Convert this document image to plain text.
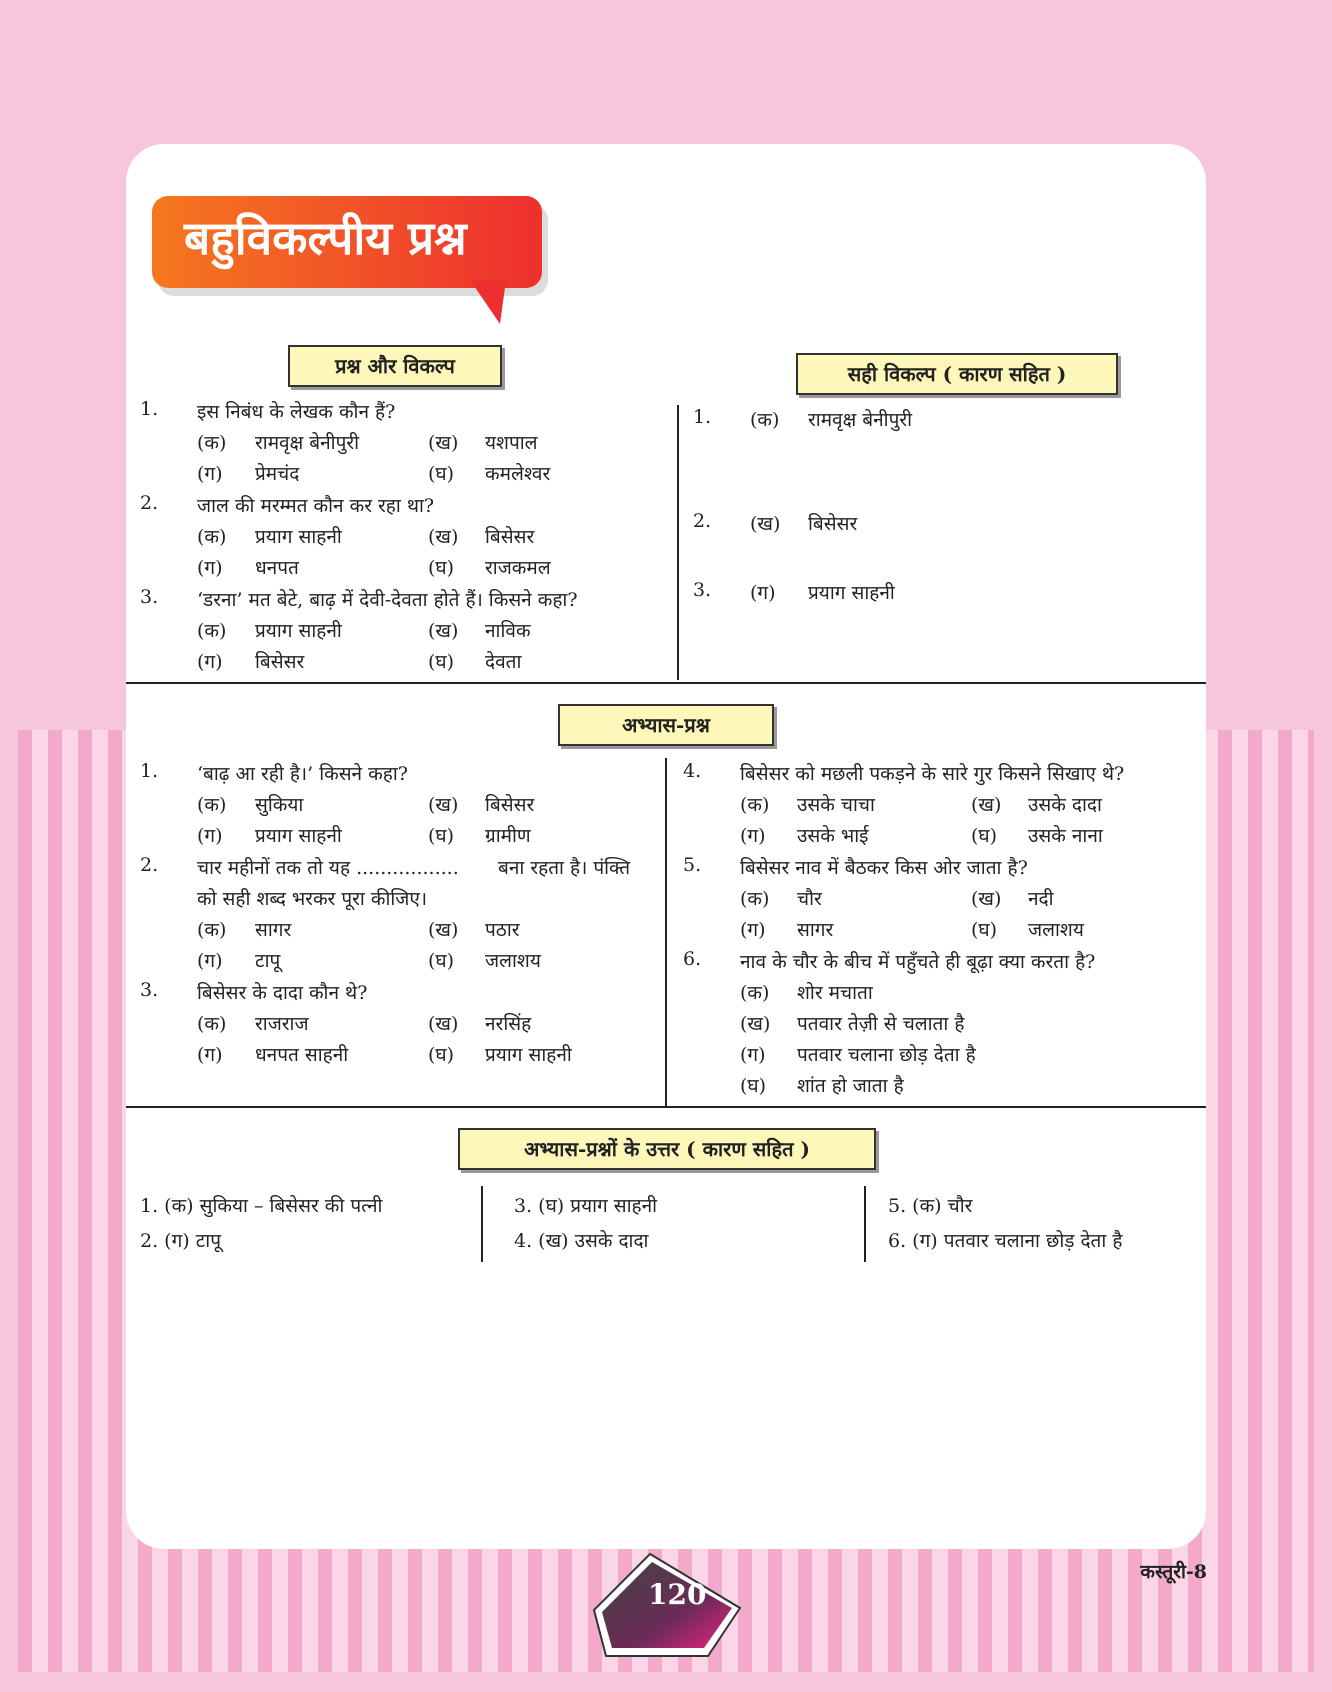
बहुविकल्पीय प्रश्न
प्रश्न और विकल्प	सही विकल्प ( कारण सहित )
1. इस निबंध के लेखक कौन हैं?
(क) रामवृक्ष बेनीपुरी	(ख) यशपाल
(ग) प्रेमचंद	(घ) कमलेश्वर
2. जाल की मरम्मत कौन कर रहा था?
(क) प्रयाग साहनी	(ख) बिसेसर
(ग) धनपत	(घ) राजकमल
3. ‘डरना’ मत बेटे, बाढ़ में देवी-देवता होते हैं। किसने कहा?
(क) प्रयाग साहनी	(ख) नाविक
(ग) बिसेसर	(घ) देवता
1. (क) रामवृक्ष बेनीपुरी
2. (ख) बिसेसर
3. (ग) प्रयाग साहनी
अभ्यास-प्रश्न
1. ‘बाढ़ आ रही है।’ किसने कहा?
(क) सुकिया	(ख) बिसेसर
(ग) प्रयाग साहनी	(घ) ग्रामीण
2. चार महीनों तक तो यह ................. बना रहता है। पंक्ति
को सही शब्द भरकर पूरा कीजिए।
(क) सागर	(ख) पठार
(ग) टापू	(घ) जलाशय
3. बिसेसर के दादा कौन थे?
(क) राजराज	(ख) नरसिंह
(ग) धनपत साहनी	(घ) प्रयाग साहनी
4. बिसेसर को मछली पकड़ने के सारे गुर किसने सिखाए थे?
(क) उसके चाचा	(ख) उसके दादा
(ग) उसके भाई	(घ) उसके नाना
5. बिसेसर नाव में बैठकर किस ओर जाता है?
(क) चौर	(ख) नदी
(ग) सागर	(घ) जलाशय
6. नाव के चौर के बीच में पहुँचते ही बूढ़ा क्या करता है?
(क) शोर मचाता
(ख) पतवार तेज़ी से चलाता है
(ग) पतवार चलाना छोड़ देता है
(घ) शांत हो जाता है
अभ्यास-प्रश्नों के उत्तर ( कारण सहित )
1. (क) सुकिया – बिसेसर की पत्नी
2. (ग) टापू
3. (घ) प्रयाग साहनी
4. (ख) उसके दादा
5. (क) चौर
6. (ग) पतवार चलाना छोड़ देता है
120
कस्तूरी-8
